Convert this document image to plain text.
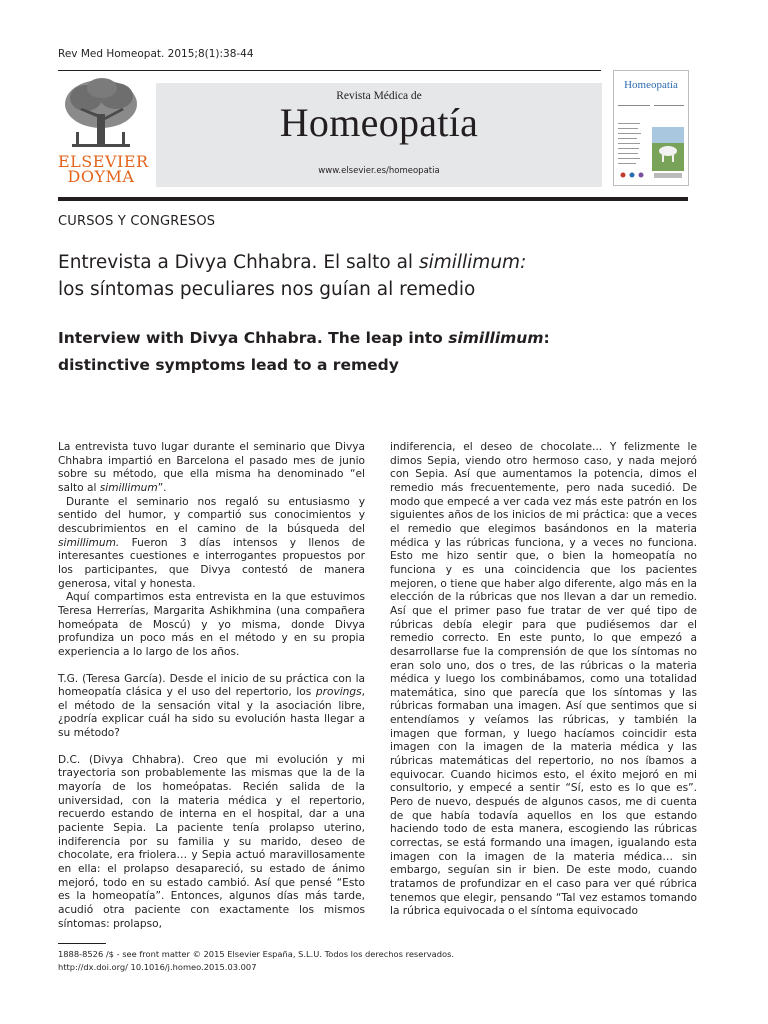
Rev Med Homeopat. 2015;8(1):38-44
ELSEVIER
DOYMA
Revista Médica de
Homeopatía
www.elsevier.es/homeopatia
Homeopatía
CURSOS Y CONGRESOS
Entrevista a Divya Chhabra. El salto al simillimum:
los síntomas peculiares nos guían al remedio
Interview with Divya Chhabra. The leap into simillimum:
distinctive symptoms lead to a remedy

La entrevista tuvo lugar durante el seminario que Divya Chhabra impartió en Barcelona el pasado mes de junio sobre su método, que ella misma ha denominado “el salto al simillimum”.

Durante el seminario nos regaló su entusiasmo y sentido del humor, y compartió sus conocimientos y descubrimientos en el camino de la búsqueda del simillimum. Fueron 3 días intensos y llenos de interesantes cuestiones e interrogantes propuestos por los participantes, que Divya contestó de manera generosa, vital y honesta.

Aquí compartimos esta entrevista en la que estuvimos Teresa Herrerías, Margarita Ashikhmina (una compañera homeópata de Moscú) y yo misma, donde Divya profundiza un poco más en el método y en su propia experiencia a lo largo de los años.

T.G. (Teresa García). Desde el inicio de su práctica con la homeopatía clásica y el uso del repertorio, los provings, el método de la sensación vital y la asociación libre, ¿podría explicar cuál ha sido su evolución hasta llegar a su método?

D.C. (Divya Chhabra). Creo que mi evolución y mi trayectoria son probablemente las mismas que la de la mayoría de los homeópatas. Recién salida de la universidad, con la materia médica y el repertorio, recuerdo estando de interna en el hospital, dar a una paciente Sepia. La paciente tenía prolapso uterino, indiferencia por su familia y su marido, deseo de chocolate, era friolera… y Sepia actuó maravillosamente en ella: el prolapso desapareció, su estado de ánimo mejoró, todo en su estado cambió. Así que pensé “Esto es la homeopatía”. Entonces, algunos días más tarde, acudió otra paciente con exactamente los mismos síntomas: prolapso,

indiferencia, el deseo de chocolate... Y felizmente le dimos Sepia, viendo otro hermoso caso, y nada mejoró con Sepia. Así que aumentamos la potencia, dimos el remedio más frecuentemente, pero nada sucedió. De modo que empecé a ver cada vez más este patrón en los siguientes años de los inicios de mi práctica: que a veces el remedio que elegimos basándonos en la materia médica y las rúbricas funciona, y a veces no funciona. Esto me hizo sentir que, o bien la homeopatía no funciona y es una coincidencia que los pacientes mejoren, o tiene que haber algo diferente, algo más en la elección de la rúbricas que nos llevan a dar un remedio. Así que el primer paso fue tratar de ver qué tipo de rúbricas debía elegir para que pudiésemos dar el remedio correcto. En este punto, lo que empezó a desarrollarse fue la comprensión de que los síntomas no eran solo uno, dos o tres, de las rúbricas o la materia médica y luego los combinábamos, como una totalidad matemática, sino que parecía que los síntomas y las rúbricas formaban una imagen. Así que sentimos que si entendíamos y veíamos las rúbricas, y también la imagen que forman, y luego hacíamos coincidir esta imagen con la imagen de la materia médica y las rúbricas matemáticas del repertorio, no nos íbamos a equivocar. Cuando hicimos esto, el éxito mejoró en mi consultorio, y empecé a sentir “Sí, esto es lo que es”. Pero de nuevo, después de algunos casos, me di cuenta de que había todavía aquellos en los que estando haciendo todo de esta manera, escogiendo las rúbricas correctas, se está formando una imagen, igualando esta imagen con la imagen de la materia médica… sin embargo, seguían sin ir bien. De este modo, cuando tratamos de profundizar en el caso para ver qué rúbrica tenemos que elegir, pensando “Tal vez estamos tomando la rúbrica equivocada o el síntoma equivocado

1888-8526 /$ - see front matter © 2015 Elsevier España, S.L.U. Todos los derechos reservados.
http://dx.doi.org/ 10.1016/j.homeo.2015.03.007
